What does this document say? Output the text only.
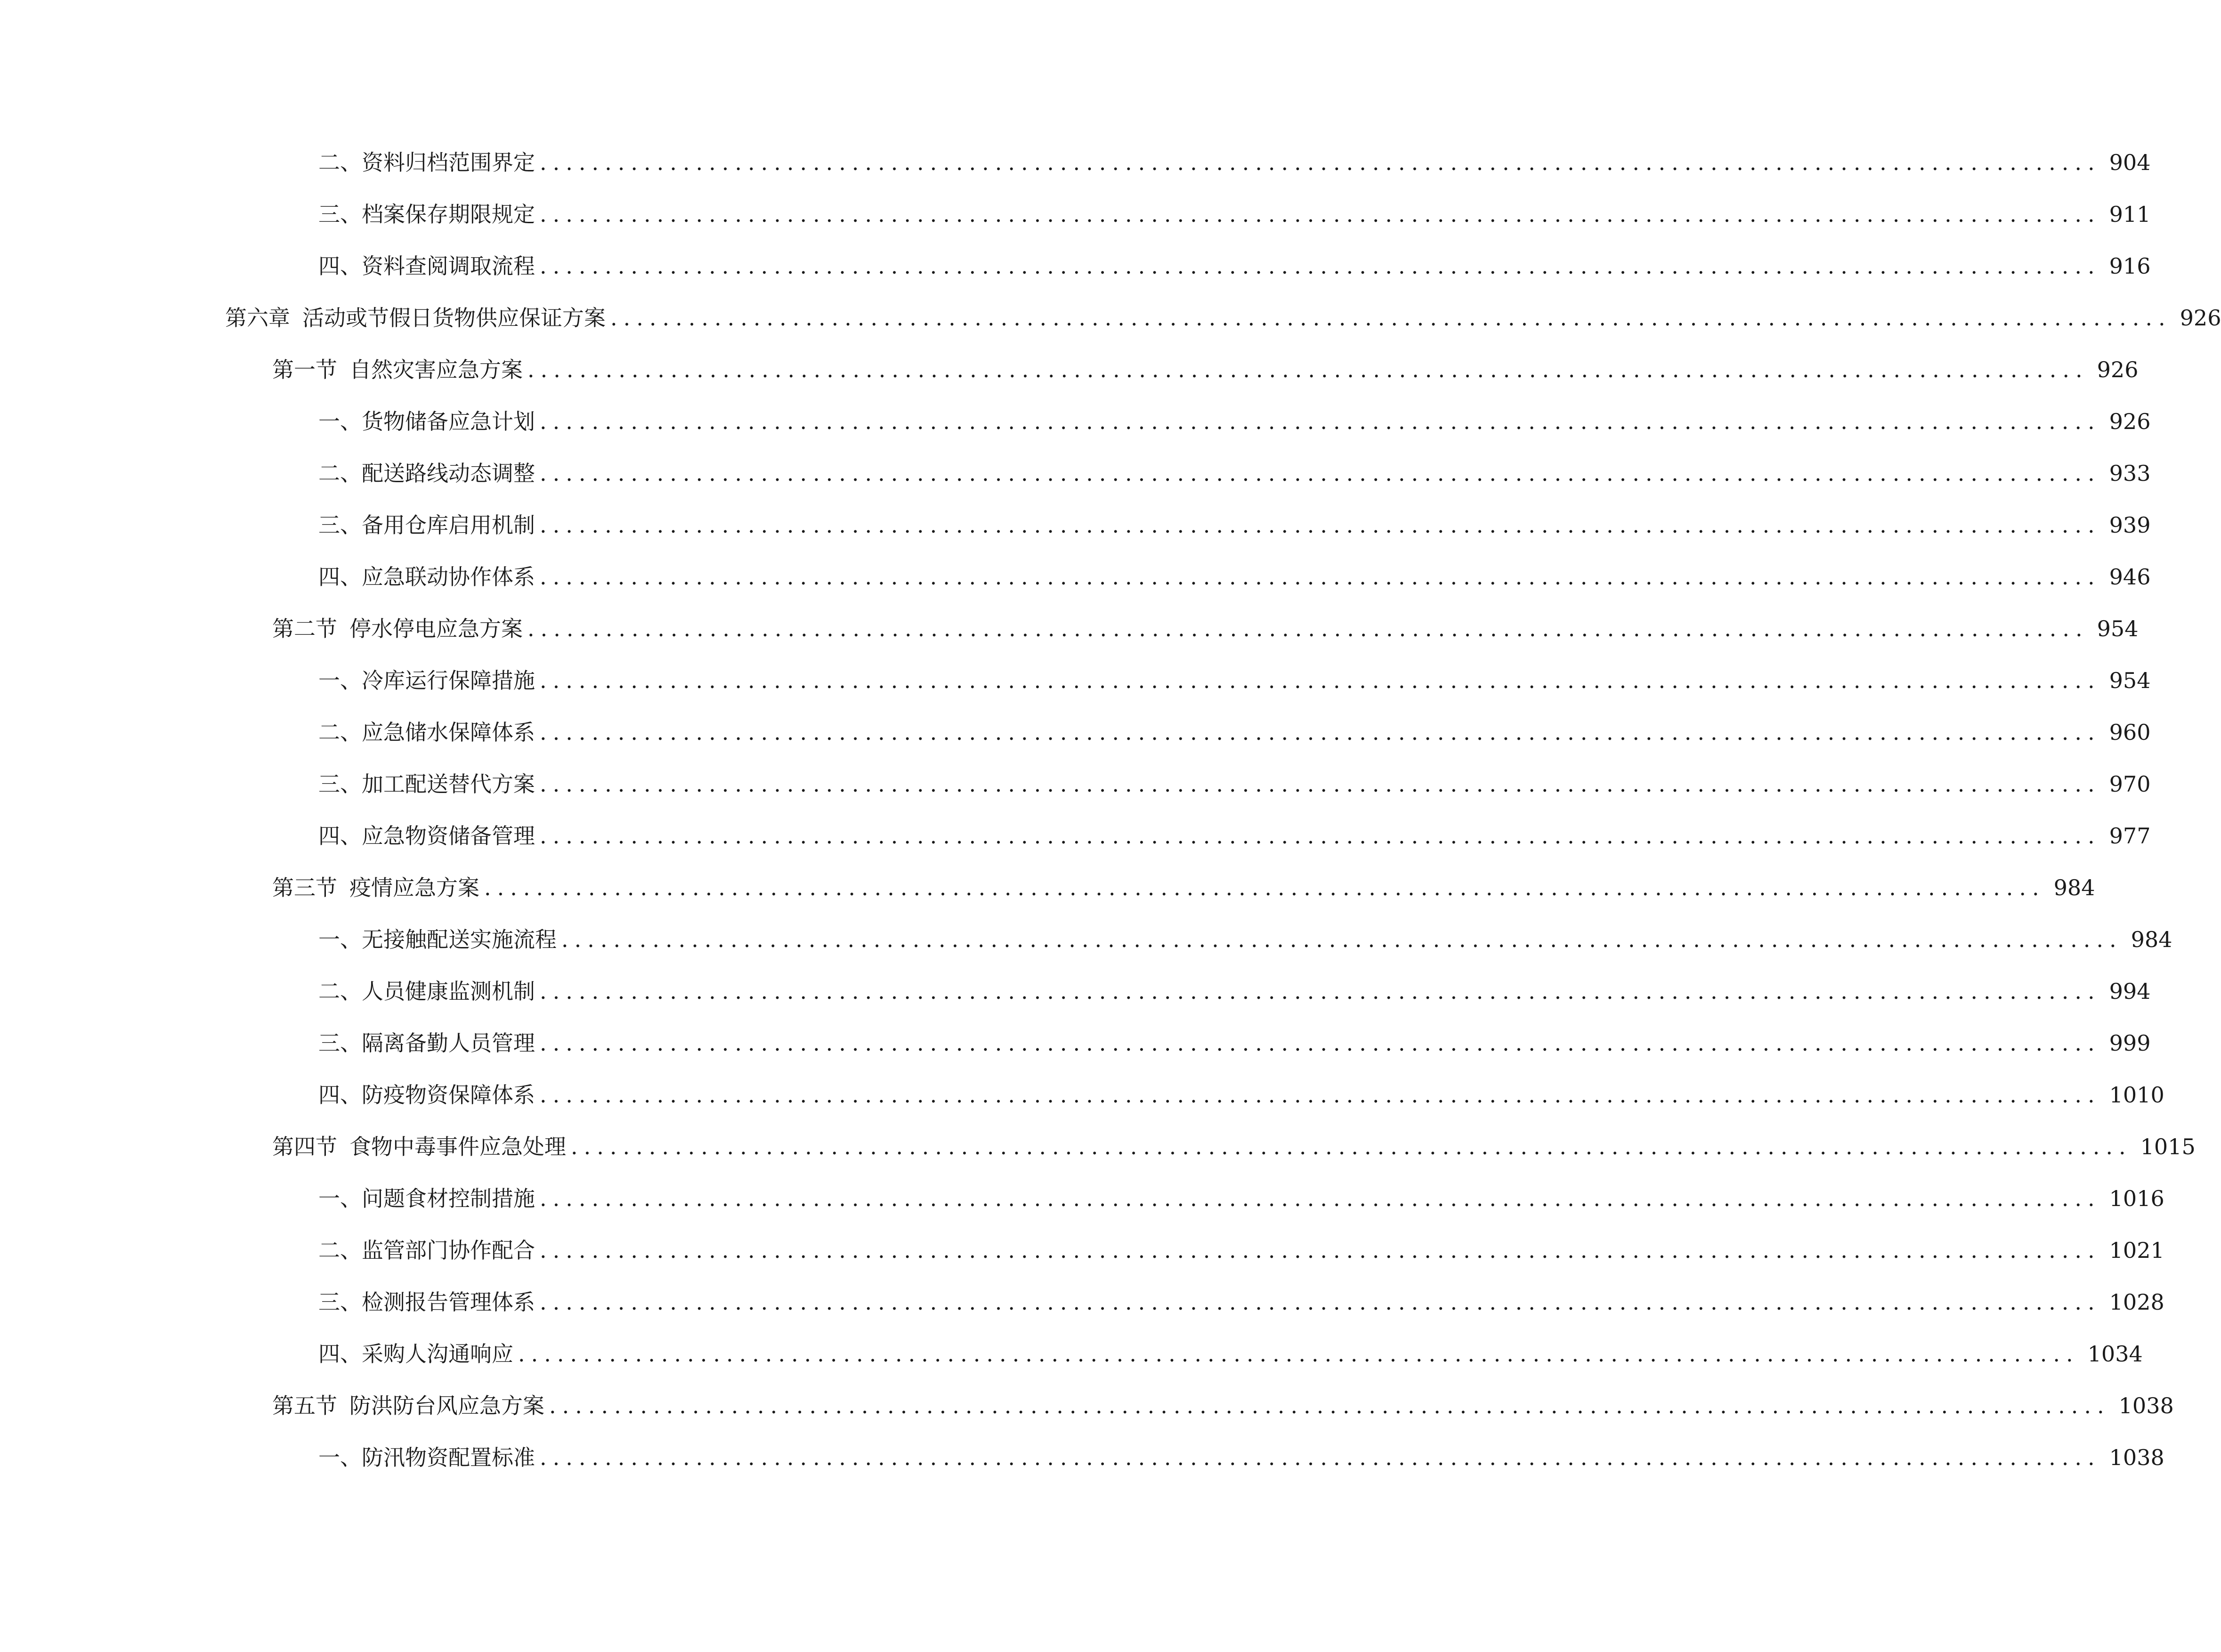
二、 资料归档范围界定 ........................................................................................................................ 904
三、 档案保存期限规定 ........................................................................................................................ 911
四、 资料查阅调取流程 ........................................................................................................................ 916
第六章 活动或节假日货物供应保证方案 ........................................................................................................................ 926
第一节 自然灾害应急方案 ........................................................................................................................ 926
一、 货物储备应急计划 ........................................................................................................................ 926
二、 配送路线动态调整 ........................................................................................................................ 933
三、 备用仓库启用机制 ........................................................................................................................ 939
四、 应急联动协作体系 ........................................................................................................................ 946
第二节 停水停电应急方案 ........................................................................................................................ 954
一、 冷库运行保障措施 ........................................................................................................................ 954
二、 应急储水保障体系 ........................................................................................................................ 960
三、 加工配送替代方案 ........................................................................................................................ 970
四、 应急物资储备管理 ........................................................................................................................ 977
第三节 疫情应急方案 ........................................................................................................................ 984
一、 无接触配送实施流程 ........................................................................................................................ 984
二、 人员健康监测机制 ........................................................................................................................ 994
三、 隔离备勤人员管理 ........................................................................................................................ 999
四、 防疫物资保障体系 ........................................................................................................................ 1010
第四节 食物中毒事件应急处理 ........................................................................................................................ 1015
一、 问题食材控制措施 ........................................................................................................................ 1016
二、 监管部门协作配合 ........................................................................................................................ 1021
三、 检测报告管理体系 ........................................................................................................................ 1028
四、 采购人沟通响应 ........................................................................................................................ 1034
第五节 防洪防台风应急方案 ........................................................................................................................ 1038
一、 防汛物资配置标准 ........................................................................................................................ 1038
